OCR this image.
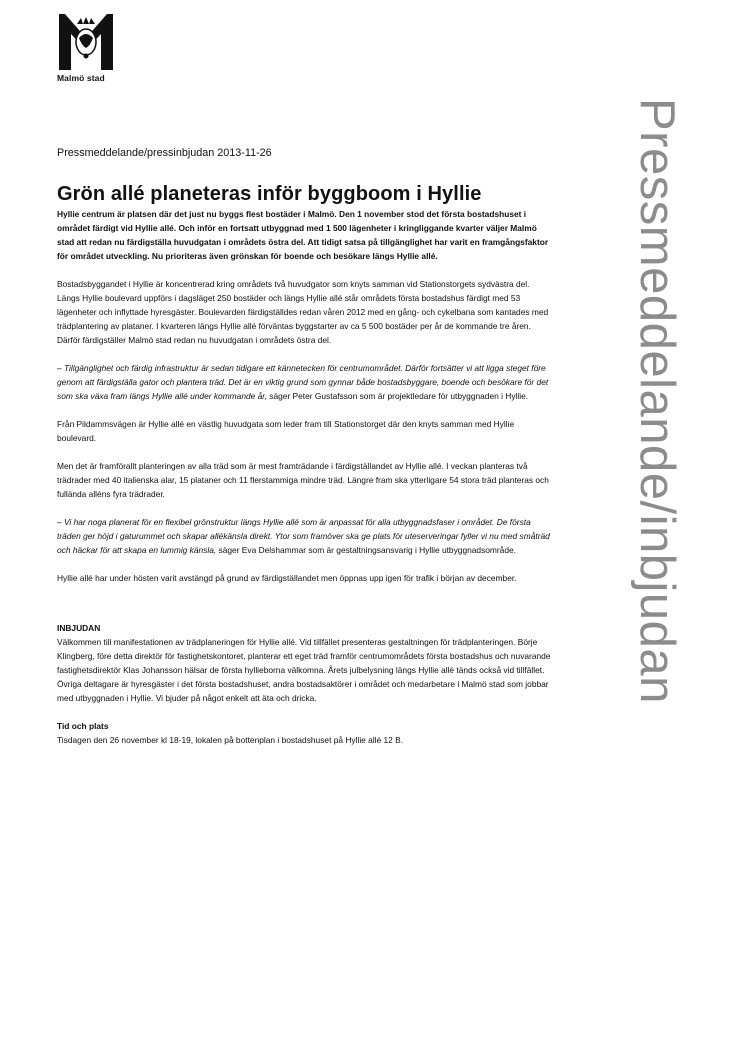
Malmö stad
Pressmeddelande/inbjudan

Pressmeddelande/pressinbjudan 2013-11-26

Grön allé planeteras inför byggboom i Hyllie

Hyllie centrum är platsen där det just nu byggs flest bostäder i Malmö. Den 1 november stod det första bostadshuset i området färdigt vid Hyllie allé. Och inför en fortsatt utbyggnad med 1 500 lägenheter i kringliggande kvarter väljer Malmö stad att redan nu färdigställa huvudgatan i områdets östra del. Att tidigt satsa på tillgänglighet har varit en framgångsfaktor för området utveckling. Nu prioriteras även grönskan för boende och besökare längs Hyllie allé.

Bostadsbyggandet i Hyllie är koncentrerad kring områdets två huvudgator som knyts samman vid Stationstorgets sydvästra del. Längs Hyllie boulevard uppförs i dagsläget 250 bostäder och längs Hyllie allé står områdets första bostadshus färdigt med 53 lägenheter och inflyttade hyresgäster. Boulevarden färdigställdes redan våren 2012 med en gång- och cykelbana som kantades med trädplantering av plataner. I kvarteren längs Hyllie allé förväntas byggstarter av ca 5 500 bostäder per år de kommande tre åren. Därför färdigställer Malmö stad redan nu huvudgatan i områdets östra del.

– Tillgänglighet och färdig infrastruktur är sedan tidigare ett kännetecken för centrumområdet. Därför fortsätter vi att ligga steget före genom att färdigställa gator och plantera träd. Det är en viktig grund som gynnar både bostadsbyggare, boende och besökare för det som ska växa fram längs Hyllie allé under kommande år, säger Peter Gustafsson som är projektledare för utbyggnaden i Hyllie.

Från Pildammsvägen är Hyllie allé en västlig huvudgata som leder fram till Stationstorget där den knyts samman med Hyllie boulevard.

Men det är framförallt planteringen av alla träd som är mest framträdande i färdigställandet av Hyllie allé. I veckan planteras två trädrader med 40 italienska alar, 15 plataner och 11 flerstammiga mindre träd. Längre fram ska ytterligare 54 stora träd planteras och fullända alléns fyra trädrader.

– Vi har noga planerat för en flexibel grönstruktur längs Hyllie allé som är anpassat för alla utbyggnadsfaser i området. De första träden ger höjd i gaturummet och skapar allékänsla direkt. Ytor som framöver ska ge plats för uteserveringar fyller vi nu med småträd och häckar för att skapa en lummig känsla, säger Eva Delshammar som är gestaltningsansvarig i Hyllie utbyggnadsområde.

Hyllie allé har under hösten varit avstängd på grund av färdigställandet men öppnas upp igen för trafik i början av december.

INBJUDAN

Välkommen till manifestationen av trädplaneringen för Hyllie allé. Vid tillfället presenteras gestaltningen för trädplanteringen. Börje Klingberg, före detta direktör för fastighetskontoret, planterar ett eget träd framför centrumområdets första bostadshus och nuvarande fastighetsdirektör Klas Johansson hälsar de första hyllieborna välkomna. Årets julbelysning längs Hyllie allé tänds också vid tillfället. Övriga deltagare är hyresgäster i det första bostadshuset, andra bostadsaktörer i området och medarbetare i Malmö stad som jobbar med utbyggnaden i Hyllie. Vi bjuder på något enkelt att äta och dricka.

Tid och plats

Tisdagen den 26 november kl 18-19, lokalen på bottenplan i bostadshuset på Hyllie allé 12 B.
